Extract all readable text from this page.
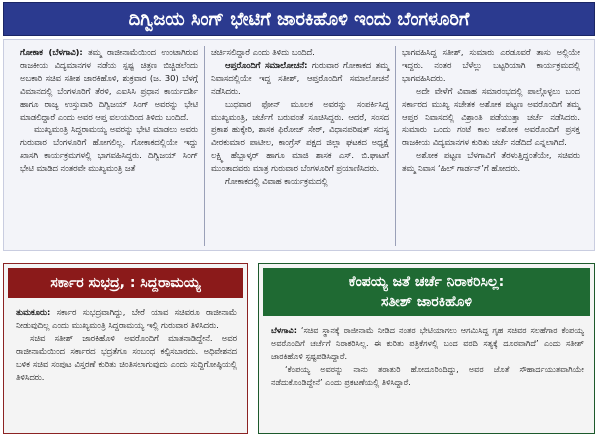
ದಿಗ್ವಿಜಯ ಸಿಂಗ್ ಭೇಟಿಗೆ ಜಾರಕಿಹೊಳಿ ಇಂದು ಬೆಂಗಳೂರಿಗೆ

ಗೋಕಾಕ (ಬೆಳಗಾವಿ): ತಮ್ಮ ರಾಜೀನಾಮೆಯಿಂದ ಉಂಟಾಗಿರುವ ರಾಜಕೀಯ ವಿದ್ಯಮಾನಗಳ ನಡೆಯ ಸ್ಪಷ್ಟ ಚಿತ್ರಣ ಬಿಚ್ಚಿಡಲೆಂದು ಅಬಕಾರಿ ಸಚಿವ ಸತೀಶ ಜಾರಕಿಹೊಳಿ, ಶುಕ್ರವಾರ (ಜ. 30) ಬೆಳಗ್ಗೆ ವಿಮಾನದಲ್ಲಿ ಬೆಂಗಳೂರಿಗೆ ತೆರಳಿ, ಎಐಸಿಸಿ ಪ್ರಧಾನ ಕಾರ್ಯದರ್ಶಿ ಹಾಗೂ ರಾಜ್ಯ ಉಸ್ತುವಾರಿ ದಿಗ್ವಿಜಯ್ ಸಿಂಗ್ ಅವರನ್ನು ಭೇಟಿ ಮಾಡಲಿದ್ದಾರೆ ಎಂದು ಅವರ ಆಪ್ತ ವಲಯದಿಂದ ತಿಳಿದು ಬಂದಿದೆ.

ಮುಖ್ಯಮಂತ್ರಿ ಸಿದ್ದರಾಮಯ್ಯ ಅವರನ್ನು ಭೇಟಿ ಮಾಡಲು ಅವರು ಗುರುವಾರ ಬೆಂಗಳೂರಿಗೆ ಹೋಗಲಿಲ್ಲ. ಗೋಕಾಕದಲ್ಲಿಯೇ ಇದ್ದು ಖಾಸಗಿ ಕಾರ್ಯಕ್ರಮಗಳಲ್ಲಿ ಭಾಗವಹಿಸಿದ್ದರು. ದಿಗ್ವಿಜಯ್ ಸಿಂಗ್ ಭೇಟಿ ಮಾಡಿದ ನಂತರವೇ ಮುಖ್ಯಮಂತ್ರಿ ಜತೆ

ಚರ್ಚಿಸಲಿದ್ದಾರೆ ಎಂದು ತಿಳಿದು ಬಂದಿದೆ.

ಆಪ್ತರೊಂದಿಗೆ ಸಮಾಲೋಚನೆ: ಗುರುವಾರ ಗೋಕಾಕದ ತಮ್ಮ ನಿವಾಸದಲ್ಲಿಯೇ ಇದ್ದ ಸತೀಶ್, ಆಪ್ತರೊಂದಿಗೆ ಸಮಾಲೋಚನೆ ನಡೆಸಿದರು.

ಬುಧವಾರ ಫೋನ್ ಮೂಲಕ ಅವರನ್ನು ಸಂಪರ್ಕಿಸಿದ್ದ ಮುಖ್ಯಮಂತ್ರಿ, ಚರ್ಚೆಗೆ ಬರುವಂತೆ ಸೂಚಿಸಿದ್ದರು. ಆದರೆ, ಸಂಸದ ಪ್ರಕಾಶ ಹುಕ್ಕೇರಿ, ಶಾಸಕ ಫಿರೋಜ್ ಸೇಠ್, ವಿಧಾನಪರಿಷತ್ ಸದಸ್ಯ ವೀರಕುಮಾರ ಪಾಟೀಲ, ಕಾಂಗ್ರೆಸ್ ಪಕ್ಷದ ಜಿಲ್ಲಾ ಘಟಕದ ಅಧ್ಯಕ್ಷೆ ಲಕ್ಷ್ಮಿ ಹೆಬ್ಬಾಳ್ಕರ್ ಹಾಗೂ ಮಾಜಿ ಶಾಸಕ ಎಸ್. ಬಿ.ಘಾಟಗೆ ಮುಂತಾದವರು ಮಾತ್ರ ಗುರುವಾರ ಬೆಂಗಳೂರಿಗೆ ಪ್ರಯಾಣಿಸಿದರು.

ಗೋಕಾಕದಲ್ಲಿ ವಿವಾಹ ಕಾರ್ಯಕ್ರಮದಲ್ಲಿ

ಭಾಗವಹಿಸಿದ್ದ ಸತೀಶ್, ಸುಮಾರು ಎರಡೂವರೆ ತಾಸು ಅಲ್ಲಿಯೇ ಇದ್ದರು. ನಂತರ ಬೆಳೆಲ್ಲು ಬಟ್ಟರಿಯಾಗಿ ಕಾರ್ಯಕ್ರಮದಲ್ಲಿ ಭಾಗವಹಿಸಿದರು.

ಅದೇ ವೇಳೆಗೆ ವಿವಾಹ ಸಮಾರಂಭದಲ್ಲಿ ಪಾಲ್ಗೊಳ್ಳಲು ಬಂದ ಸರ್ಕಾರದ ಮುಖ್ಯ ಸಚೇತಕ ಅಶೋಕ ಪಟ್ಟಣ ಅವರೊಂದಿಗೆ ತಮ್ಮ ಆಪ್ತರ ನಿವಾಸದಲ್ಲಿ ವಿಶ್ರಾಂತಿ ಪಡೆಯುತ್ತಾ ಚರ್ಚೆ ನಡೆಸಿದರು. ಸುಮಾರು ಒಂದು ಗಂಟೆ ಕಾಲ ಅಶೋಕ ಅವರೊಂದಿಗೆ ಪ್ರಸಕ್ತ ರಾಜಕೀಯ ವಿದ್ಯಮಾನಗಳ ಕುರಿತು ಚರ್ಚೆ ನಡೆದಿದೆ ಎನ್ನಲಾಗಿದೆ.

ಅಶೋಕ ಪಟ್ಟಣ ಬೆಳಗಾವಿಗೆ ತೆರಳುತ್ತಿದ್ದಂತೆಯೇ, ಸಚಿವರು ತಮ್ಮ ನಿವಾಸ ‘ಹಿಲ್ ಗಾರ್ಡನ್’ಗೆ ಹೋದರು.

ಸರ್ಕಾರ ಸುಭದ್ರ, : ಸಿದ್ದರಾಮಯ್ಯ

ತುಮಕೂರು: ಸರ್ಕಾರ ಸುಭದ್ರವಾಗಿದ್ದು, ಬೇರೆ ಯಾವ ಸಚಿವರೂ ರಾಜೀನಾಮೆ ನೀಡುವುದಿಲ್ಲ ಎಂದು ಮುಖ್ಯಮಂತ್ರಿ ಸಿದ್ದರಾಮಯ್ಯ ಇಲ್ಲಿ ಗುರುವಾರ ತಿಳಿಸಿದರು.

ಸಚಿವ ಸತೀಶ್ ಜಾರಕಿಹೊಳಿ ಅವರೊಂದಿಗೆ ಮಾತನಾಡಿದ್ದೇನೆ. ಅವರ ರಾಜೀನಾಮೆಯಿಂದ ಸರ್ಕಾರದ ಭದ್ರತೆಗೂ ಸಂಬಂಧ ಕಲ್ಪಿಸಬಾರದು. ಅಧಿವೇಶನದ ಬಳಿಕ ಸಚಿವ ಸಂಪುಟ ವಿಸ್ತರಣೆ ಕುರಿತು ಚಿಂತಿಸಲಾಗುವುದು ಎಂದು ಸುದ್ದಿಗೋಷ್ಠಿಯಲ್ಲಿ ತಿಳಿಸಿದರು.

ಕೆಂಪಯ್ಯ ಜತೆ ಚರ್ಚೆ ನಿರಾಕರಿಸಿಲ್ಲ:
ಸತೀಶ್ ಜಾರಕಿಹೊಳಿ

ಬೆಳಗಾವಿ: ‘ಸಚಿವ ಸ್ಥಾನಕ್ಕೆ ರಾಜೀನಾಮೆ ನೀಡಿದ ನಂತರ ಭೇಟಿಯಾಗಲು ಆಗಮಿಸಿದ್ದ ಗೃಹ ಸಚಿವರ ಸಲಹೆಗಾರ ಕೆಂಪಯ್ಯ ಅವರೊಂದಿಗೆ ಚರ್ಚೆಗೆ ನಿರಾಕರಿಸಿಲ್ಲ. ಈ ಕುರಿತು ಪತ್ರಿಕೆಗಳಲ್ಲಿ ಬಂದ ವರದಿ ಸತ್ಯಕ್ಕೆ ದೂರವಾಗಿದೆ’ ಎಂದು ಸತೀಶ್ ಜಾರಕಿಹೊಳಿ ಸ್ಪಷ್ಟಪಡಿಸಿದ್ದಾರೆ.

‘ಕೆಂಪಯ್ಯ ಅವರನ್ನು ನಾನು ತರಾತುರಿ ಹೋದೂರಿಂದಿದ್ದು, ಅವರ ಜೊತೆ ಸೌಹಾರ್ದಯುತವಾಗಿಯೇ ನಡೆದುಕೊಂಡಿದ್ದೇನೆ’ ಎಂದು ಪ್ರಕಟಣೆಯಲ್ಲಿ ತಿಳಿಸಿದ್ದಾರೆ.
